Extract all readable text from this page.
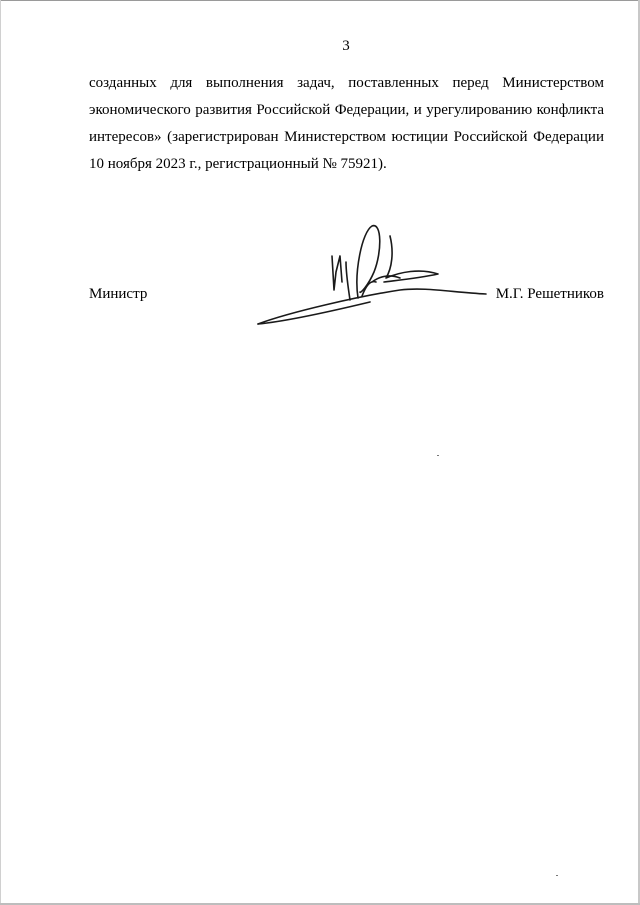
3
созданных для выполнения задач, поставленных перед Министерством
экономического развития Российской Федерации, и урегулированию конфликта
интересов» (зарегистрирован Министерством юстиции Российской Федерации
10 ноября 2023 г., регистрационный № 75921).
Министр	М.Г. Решетников
